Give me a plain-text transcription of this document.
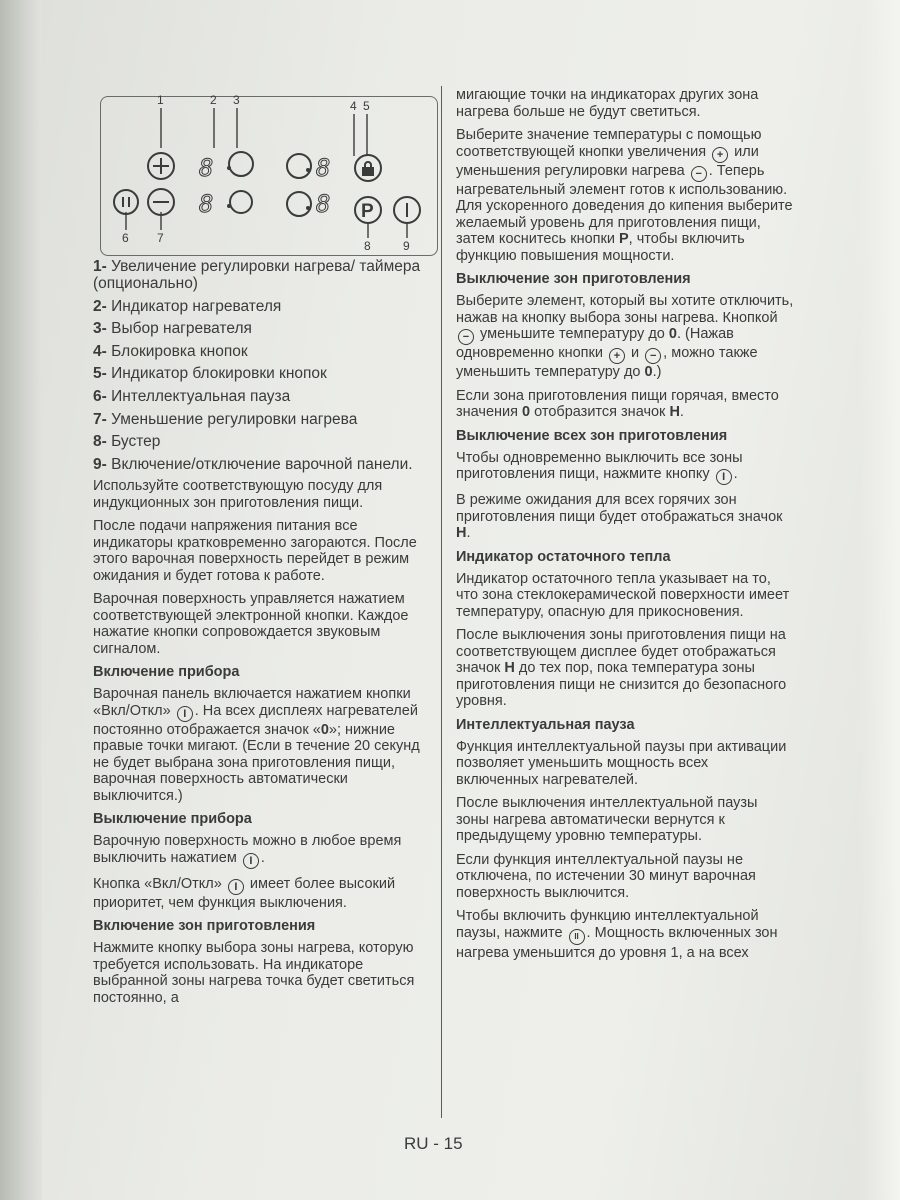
1	2 3	4 5
6 7
8	9
8
8
8
8 P
1- Увеличение регулировки нагрева/ таймера (опционально)
2- Индикатор нагревателя
3- Выбор нагревателя
4- Блокировка кнопок
5- Индикатор блокировки кнопок
6- Интеллектуальная пауза
7- Уменьшение регулировки нагрева
8- Бустер
9- Включение/отключение варочной панели.

Используйте соответствующую посуду для индукционных зон приготовления пищи.

После подачи напряжения питания все индикаторы кратковременно загораются. После этого варочная поверхность перейдет в режим ожидания и будет готова к работе.

Варочная поверхность управляется нажатием соответствующей электронной кнопки. Каждое нажатие кнопки сопровождается звуковым сигналом.

Включение прибора

Варочная панель включается нажатием кнопки «Вкл/Откл» I . На всех дисплеях нагревателей постоянно отображается значок «0»; нижние правые точки мигают. (Если в течение 20 секунд не будет выбрана зона приготовления пищи, варочная поверхность автоматически выключится.)

Выключение прибора

Варочную поверхность можно в любое время выключить нажатием I .

Кнопка «Вкл/Откл» I имеет более высокий приоритет, чем функция выключения.

Включение зон приготовления

Нажмите кнопку выбора зоны нагрева, которую требуется использовать. На индикаторе выбранной зоны нагрева точка будет светиться постоянно, а

мигающие точки на индикаторах других зона нагрева больше не будут светиться.

Выберите значение температуры с помощью соответствующей кнопки увеличения + или уменьшения регулировки нагрева − . Теперь нагревательный элемент готов к использованию. Для ускоренного доведения до кипения выберите желаемый уровень для приготовления пищи, затем коснитесь кнопки P, чтобы включить функцию повышения мощности.

Выключение зон приготовления

Выберите элемент, который вы хотите отключить, нажав на кнопку выбора зоны нагрева. Кнопкой − уменьшите температуру до 0. (Нажав одновременно кнопки + и − , можно также уменьшить температуру до 0.)

Если зона приготовления пищи горячая, вместо значения 0 отобразится значок H.

Выключение всех зон приготовления

Чтобы одновременно выключить все зоны приготовления пищи, нажмите кнопку I .

В режиме ожидания для всех горячих зон приготовления пищи будет отображаться значок H.

Индикатор остаточного тепла

Индикатор остаточного тепла указывает на то, что зона стеклокерамической поверхности имеет температуру, опасную для прикосновения.

После выключения зоны приготовления пищи на соответствующем дисплее будет отображаться значок H до тех пор, пока температура зоны приготовления пищи не снизится до безопасного уровня.

Интеллектуальная пауза

Функция интеллектуальной паузы при активации позволяет уменьшить мощность всех включенных нагревателей.

После выключения интеллектуальной паузы зоны нагрева автоматически вернутся к предыдущему уровню температуры.

Если функция интеллектуальной паузы не отключена, по истечении 30 минут варочная поверхность выключится.

Чтобы включить функцию интеллектуальной паузы, нажмите II . Мощность включенных зон нагрева уменьшится до уровня 1, а на всех

RU - 15
